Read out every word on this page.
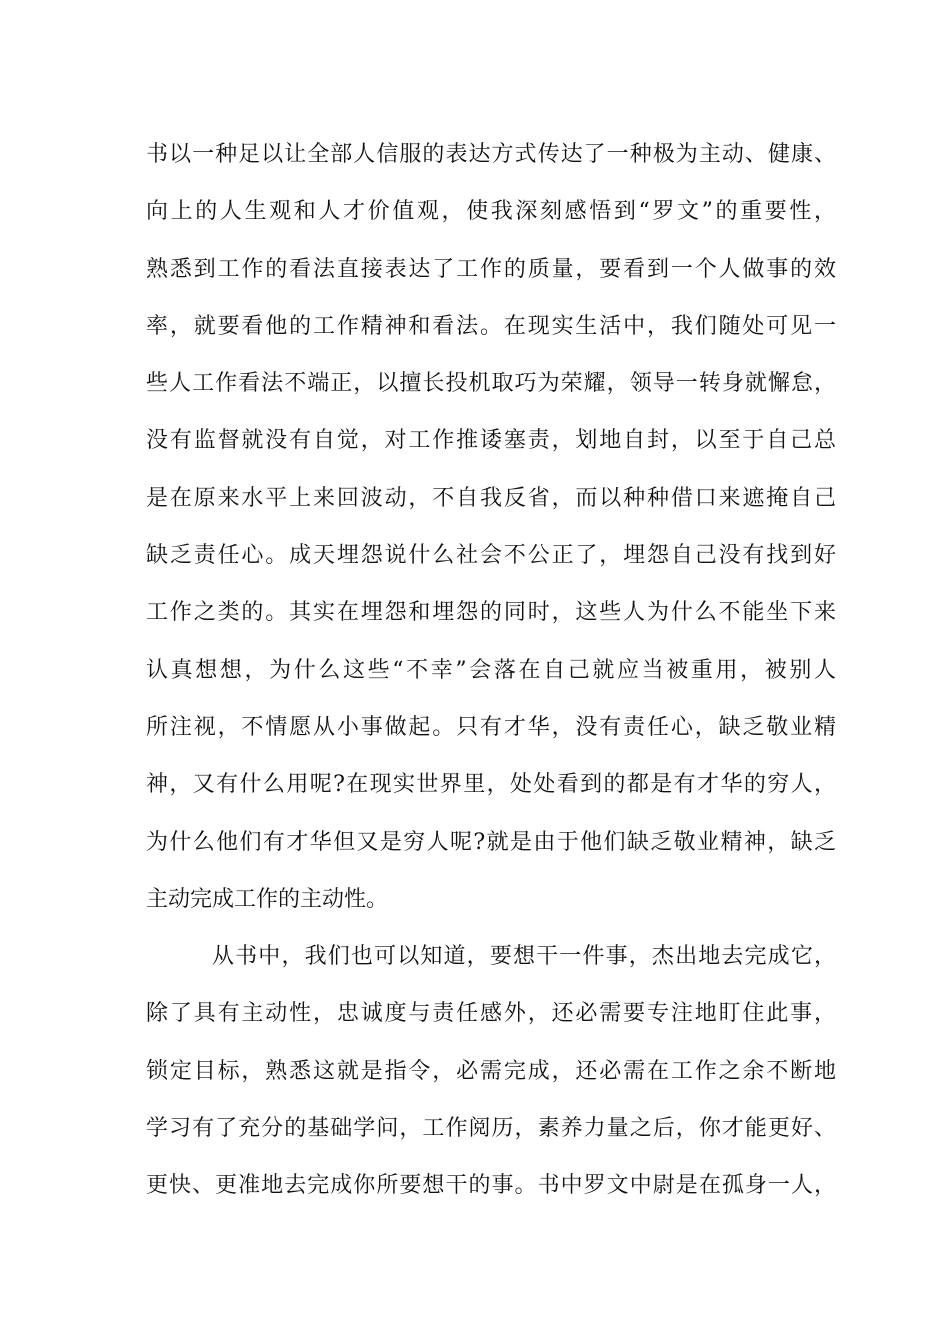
书以一种足以让全部人信服的表达方式传达了一种极为主动、健康、
向上的人生观和人才价值观，使我深刻感悟到“罗文”的重要性，
熟悉到工作的看法直接表达了工作的质量，要看到一个人做事的效
率，就要看他的工作精神和看法。在现实生活中，我们随处可见一
些人工作看法不端正，以擅长投机取巧为荣耀，领导一转身就懈怠，
没有监督就没有自觉，对工作推诿塞责，划地自封，以至于自己总
是在原来水平上来回波动，不自我反省，而以种种借口来遮掩自己
缺乏责任心。成天埋怨说什么社会不公正了，埋怨自己没有找到好
工作之类的。其实在埋怨和埋怨的同时，这些人为什么不能坐下来
认真想想，为什么这些“不幸”会落在自己就应当被重用，被别人
所注视，不情愿从小事做起。只有才华，没有责任心，缺乏敬业精
神，又有什么用呢?在现实世界里，处处看到的都是有才华的穷人，
为什么他们有才华但又是穷人呢?就是由于他们缺乏敬业精神，缺乏
主动完成工作的主动性。
从书中，我们也可以知道，要想干一件事，杰出地去完成它，
除了具有主动性，忠诚度与责任感外，还必需要专注地盯住此事，
锁定目标，熟悉这就是指令，必需完成，还必需在工作之余不断地
学习有了充分的基础学问，工作阅历，素养力量之后，你才能更好、
更快、更准地去完成你所要想干的事。书中罗文中尉是在孤身一人，
